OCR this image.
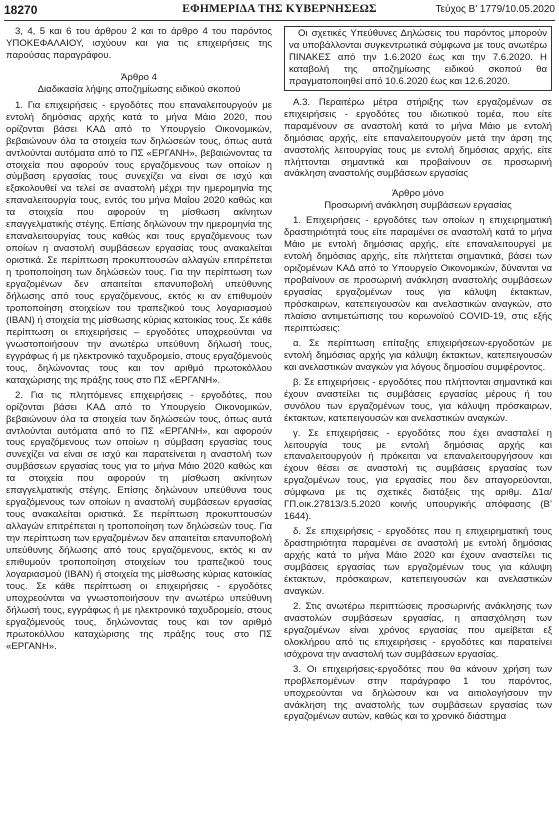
18270	ΕΦΗΜΕΡΙΔΑ ΤΗΣ ΚΥΒΕΡΝΗΣΕΩΣ	Τεύχος B’ 1779/10.05.2020

3, 4, 5 και 6 του άρθρου 2 και το άρθρο 4 του παρόντος ΥΠΟΚΕΦΑΛΑΙΟΥ, ισχύουν και για τις επιχειρήσεις της παρούσας παραγράφου.

Άρθρο 4

Διαδικασία λήψης αποζημίωσης ειδικού σκοπού

1. Για επιχειρήσεις - εργοδότες που επαναλειτουργούν με εντολή δημόσιας αρχής κατά το μήνα Μάιο 2020, που ορίζονται βάσει ΚΑΔ από το Υπουργείο Οικονομικών, βεβαιώνουν όλα τα στοιχεία των δηλώσεών τους, όπως αυτά αντλούνται αυτόματα από το ΠΣ «ΕΡΓΑΝΗ», βεβαιώνοντας τα στοιχεία που αφορούν τους εργαζόμενους των οποίων η σύμβαση εργασίας τους συνεχίζει να είναι σε ισχύ και εξακολουθεί να τελεί σε αναστολή μέχρι την ημερομηνία της επαναλειτουργία τους, εντός του μήνα Μαΐου 2020 καθώς και τα στοιχεία που αφορούν τη μίσθωση ακίνητων επαγγελματικής στέγης. Επίσης δηλώνουν την ημερομηνία της επαναλειτουργίας τους καθώς και τους εργαζόμενους των οποίων η αναστολή συμβάσεων εργασίας τους ανακαλείται οριστικά. Σε περίπτωση προκυπτουσών αλλαγών επιτρέπεται η τροποποίηση των δηλώσεών τους. Για την περίπτωση των εργαζομένων δεν απαιτείται επανυποβολή υπεύθυνης δήλωσης από τους εργαζόμενους, εκτός κι αν επιθυμούν τροποποίηση στοιχείων του τραπεζικού τους λογαριασμού (ΙΒΑΝ) ή στοιχεία της μίσθωσης κύριας κατοικίας τους. Σε κάθε περίπτωση οι επιχειρήσεις – εργοδότες υποχρεούνται να γνωστοποιήσουν την ανωτέρω υπεύθυνη δήλωσή τους, εγγράφως ή με ηλεκτρονικό ταχυδρομείο, στους εργαζόμενούς τους, δηλώνοντας τους και τον αριθμό πρωτοκόλλου καταχώρισης της πράξης τους στο ΠΣ «ΕΡΓΑΝΗ».

2. Για τις πληττόμενες επιχειρήσεις - εργοδότες, που ορίζονται βάσει ΚΑΔ από το Υπουργείο Οικονομικών, βεβαιώνουν όλα τα στοιχεία των δηλώσεών τους, όπως αυτά αντλούνται αυτόματα από το ΠΣ «ΕΡΓΑΝΗ», και αφορούν τους εργαζόμενους των οποίων η σύμβαση εργασίας τους συνεχίζει να είναι σε ισχύ και παρατείνεται η αναστολή των συμβάσεων εργασίας τους για το μήνα Μάιο 2020 καθώς και τα στοιχεία που αφορούν τη μίσθωση ακίνητων επαγγελματικής στέγης. Επίσης δηλώνουν υπεύθυνα τους εργαζόμενους των οποίων η αναστολή συμβάσεων εργασίας τους ανακαλείται οριστικά. Σε περίπτωση προκυπτουσών αλλαγών επιτρέπεται η τροποποίηση των δηλώσεών τους. Για την περίπτωση των εργαζομένων δεν απαιτείται επανυποβολή υπεύθυνης δήλωσης από τους εργαζόμενους, εκτός κι αν επιθυμούν τροποποίηση στοιχείων του τραπεζικού τους λογαριασμού (ΙΒΑΝ) ή στοιχεία της μίσθωσης κύριας κατοικίας τους. Σε κάθε περίπτωση οι επιχειρήσεις - εργοδότες υποχρεούνται να γνωστοποιήσουν την ανωτέρω υπεύθυνη δήλωσή τους, εγγράφως ή με ηλεκτρονικό ταχυδρομείο, στους εργαζόμενούς τους, δηλώνοντας τους και τον αριθμό πρωτοκόλλου καταχώρισης της πράξης τους στο ΠΣ «ΕΡΓΑΝΗ».

Οι σχετικές Υπεύθυνες Δηλώσεις του παρόντος μπορούν να υποβάλλονται συγκεντρωτικά σύμφωνα με τους ανωτέρω ΠΙΝΑΚΕΣ από την 1.6.2020 έως και την 7.6.2020. Η καταβολή της αποζημίωσης ειδικού σκοπού θα πραγματοποιηθεί από 10.6.2020 έως και 12.6.2020.

Α.3. Περαιτέρω μέτρα στήριξης των εργαζομένων σε επιχειρήσεις - εργοδότες του ιδιωτικού τομέα, που είτε παραμένουν σε αναστολή κατά το μήνα Μάιο με εντολή δημόσιας αρχής, είτε επαναλειτουργούν μετά την άρση της αναστολής λειτουργίας τους με εντολή δημόσιας αρχής, είτε πλήττονται σημαντικά και προβαίνουν σε προσωρινή ανάκληση αναστολής συμβάσεων εργασίας

Άρθρο μόνο

Προσωρινή ανάκληση συμβάσεων εργασίας

1. Επιχειρήσεις - εργοδότες των οποίων η επιχειρηματική δραστηριότητά τους είτε παραμένει σε αναστολή κατά το μήνα Μάιο με εντολή δημόσιας αρχής, είτε επαναλειτουργεί με εντολή δημόσιας αρχής, είτε πλήττεται σημαντικά, βάσει των οριζομένων ΚΑΔ από το Υπουργείο Οικονομικών, δύνανται να προβαίνουν σε προσωρινή ανάκληση αναστολής συμβάσεων εργασίας εργαζομένων τους για κάλυψη έκτακτων, πρόσκαιρων, κατεπειγουσών και ανελαστικών αναγκών, στο πλαίσιο αντιμετώπισης του κορωνοϊού COVID-19, στις εξής περιπτώσεις:

α. Σε περίπτωση επίταξης επιχειρήσεων-εργοδοτών με εντολή δημόσιας αρχής για κάλυψη έκτακτων, κατεπειγουσών και ανελαστικών αναγκών για λόγους δημοσίου συμφέροντος.

β. Σε επιχειρήσεις - εργοδότες που πλήττονται σημαντικά και έχουν αναστείλει τις συμβάσεις εργασίας μέρους ή του συνόλου των εργαζομένων τους, για κάλυψη πρόσκαιρων, έκτακτων, κατεπειγουσών και ανελαστικών αναγκών.

γ. Σε επιχειρήσεις - εργοδότες που έχει ανασταλεί η λειτουργία τους με εντολή δημόσιας αρχής και επαναλειτουργούν ή πρόκειται να επαναλειτουργήσουν και έχουν θέσει σε αναστολή τις συμβάσεις εργασίας των εργαζομένων τους, για εργασίες που δεν απαγορεύονται, σύμφωνα με τις σχετικές διατάξεις της αριθμ. Δ1α/ΓΠ.οικ.27813/3.5.2020 κοινής υπουργικής απόφασης (Β’ 1644).

δ. Σε επιχειρήσεις - εργοδότες που η επιχειρηματική τους δραστηριότητα παραμένει σε αναστολή με εντολή δημόσιας αρχής κατά το μήνα Μάιο 2020 και έχουν αναστείλει τις συμβάσεις εργασίας των εργαζομένων τους για κάλυψη έκτακτων, πρόσκαιρων, κατεπειγουσών και ανελαστικών αναγκών.

2. Στις ανωτέρω περιπτώσεις προσωρινής ανάκλησης των αναστολών συμβάσεων εργασίας, η απασχόληση των εργαζομένων είναι χρόνος εργασίας που αμείβεται εξ ολοκλήρου από τις επιχειρήσεις - εργοδότες και παρατείνει ισόχρονα την αναστολή των συμβάσεων εργασίας.

3. Οι επιχειρήσεις-εργοδότες που θα κάνουν χρήση των προβλεπομένων στην παράγραφο 1 του παρόντος, υποχρεούνται να δηλώσουν και να αιτιολογήσουν την ανάκληση της αναστολής των συμβάσεων εργασίας των εργαζομένων αυτών, καθώς και το χρονικό διάστημα
